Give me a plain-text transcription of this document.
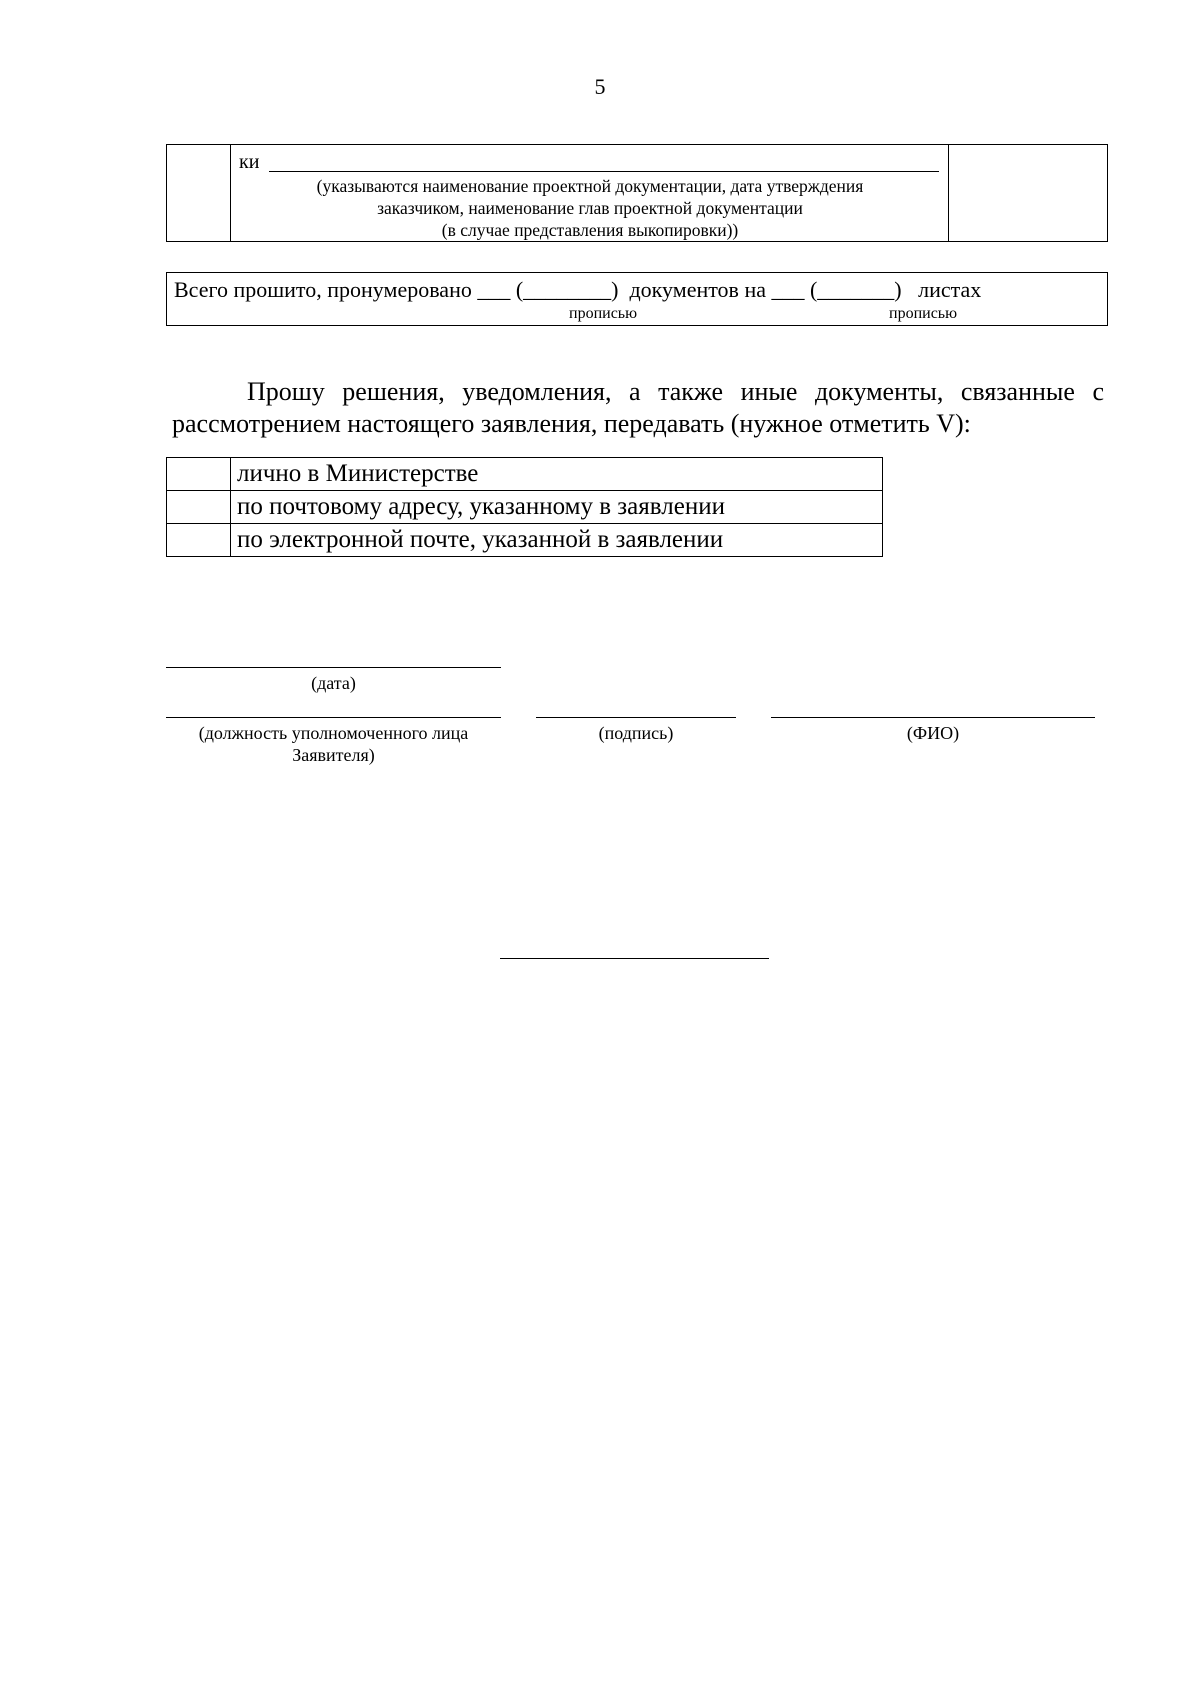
5
ки
(указываются наименование проектной документации, дата утверждения
заказчиком, наименование глав проектной документации
(в случае представления выкопировки))
Всего прошито, пронумеровано ___ (________)  документов на ___ (_______)   листах
прописью	прописью
Прошу решения, уведомления, а также иные документы, связанные с рассмотрением настоящего заявления, передавать (нужное отметить V):
	лично в Министерстве
	по почтовому адресу, указанному в заявлении
	по электронной почте, указанной в заявлении
(дата)
(должность уполномоченного лица
Заявителя)
(подпись)	(ФИО)
